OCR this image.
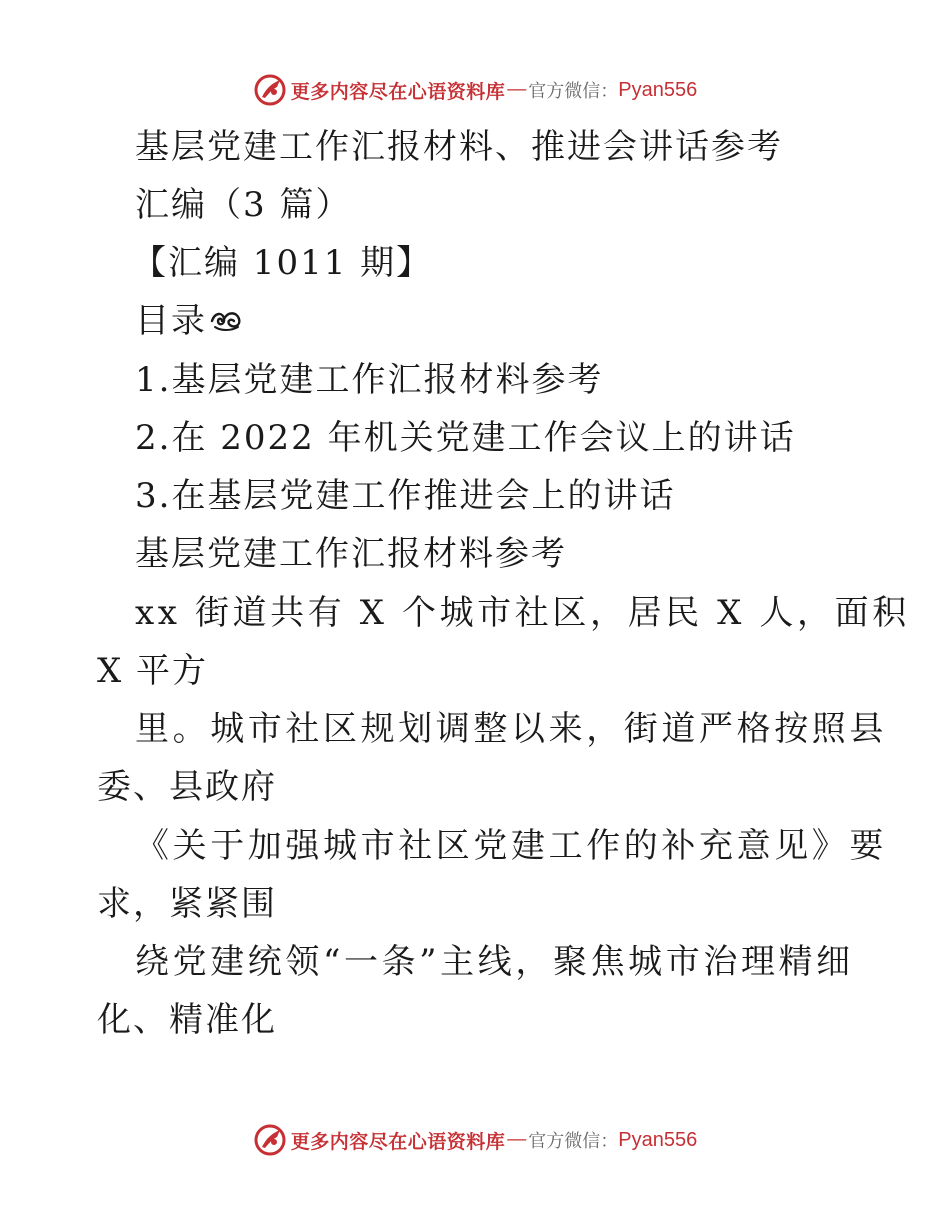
更多内容尽在心语资料库 — 官方微信： Pyan556
基层党建工作汇报材料、推进会讲话参考
汇编（3 篇）
【汇编 1011 期】
目录
1.基层党建工作汇报材料参考
2.在 2022 年机关党建工作会议上的讲话
3.在基层党建工作推进会上的讲话
基层党建工作汇报材料参考
xx 街道共有 X 个城市社区，居民 X 人，面积
X 平方
里。城市社区规划调整以来，街道严格按照县
委、县政府
《关于加强城市社区党建工作的补充意见》要
求，紧紧围
绕党建统领“一条”主线，聚焦城市治理精细
化、精准化
更多内容尽在心语资料库 — 官方微信： Pyan556
